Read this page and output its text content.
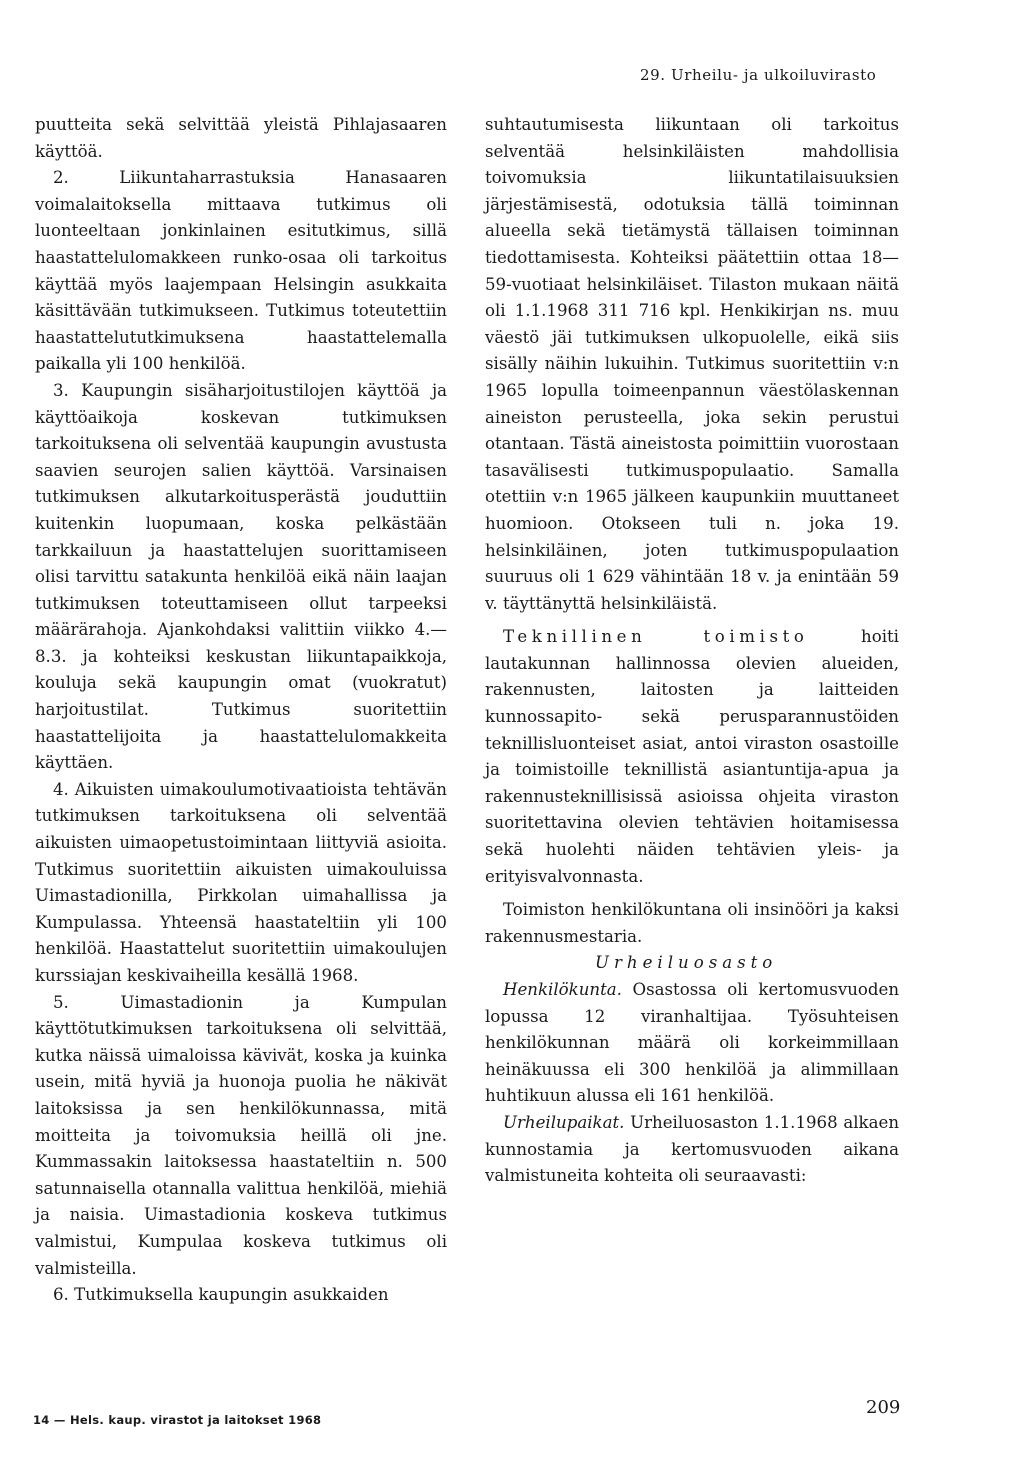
29. Urheilu- ja ulkoiluvirasto

puutteita sekä selvittää yleistä Pihlajasaaren käyttöä.

2. Liikuntaharrastuksia Hanasaaren voimalaitoksella mittaava tutkimus oli luonteeltaan jonkinlainen esitutkimus, sillä haastattelulomakkeen runko-osaa oli tarkoitus käyttää myös laajempaan Helsingin asukkaita käsittävään tutkimukseen. Tutkimus toteutettiin haastattelututkimuksena haastattelemalla paikalla yli 100 henkilöä.

3. Kaupungin sisäharjoitustilojen käyttöä ja käyttöaikoja koskevan tutkimuksen tarkoituksena oli selventää kaupungin avustusta saavien seurojen salien käyttöä. Varsinaisen tutkimuksen alkutarkoitusperästä jouduttiin kuitenkin luopumaan, koska pelkästään tarkkailuun ja haastattelujen suorittamiseen olisi tarvittu satakunta henkilöä eikä näin laajan tutkimuksen toteuttamiseen ollut tarpeeksi määrärahoja. Ajankohdaksi valittiin viikko 4.—8.3. ja kohteiksi keskustan liikuntapaikkoja, kouluja sekä kaupungin omat (vuokratut) harjoitustilat. Tutkimus suoritettiin haastattelijoita ja haastattelulomakkeita käyttäen.

4. Aikuisten uimakoulumotivaatioista tehtävän tutkimuksen tarkoituksena oli selventää aikuisten uimaopetustoimintaan liittyviä asioita. Tutkimus suoritettiin aikuisten uimakouluissa Uimastadionilla, Pirkkolan uimahallissa ja Kumpulassa. Yhteensä haastateltiin yli 100 henkilöä. Haastattelut suoritettiin uimakoulujen kurssiajan keskivaiheilla kesällä 1968.

5. Uimastadionin ja Kumpulan käyttötutkimuksen tarkoituksena oli selvittää, kutka näissä uimaloissa kävivät, koska ja kuinka usein, mitä hyviä ja huonoja puolia he näkivät laitoksissa ja sen henkilökunnassa, mitä moitteita ja toivomuksia heillä oli jne. Kummassakin laitoksessa haastateltiin n. 500 satunnaisella otannalla valittua henkilöä, miehiä ja naisia. Uimastadionia koskeva tutkimus valmistui, Kumpulaa koskeva tutkimus oli valmisteilla.

6. Tutkimuksella kaupungin asukkaiden

suhtautumisesta liikuntaan oli tarkoitus selventää helsinkiläisten mahdollisia toivomuksia liikuntatilaisuuksien järjestämisestä, odotuksia tällä toiminnan alueella sekä tietämystä tällaisen toiminnan tiedottamisesta. Kohteiksi päätettiin ottaa 18—59-vuotiaat helsinkiläiset. Tilaston mukaan näitä oli 1.1.1968 311 716 kpl. Henkikirjan ns. muu väestö jäi tutkimuksen ulkopuolelle, eikä siis sisälly näihin lukuihin. Tutkimus suoritettiin v:n 1965 lopulla toimeenpannun väestölaskennan aineiston perusteella, joka sekin perustui otantaan. Tästä aineistosta poimittiin vuorostaan tasavälisesti tutkimuspopulaatio. Samalla otettiin v:n 1965 jälkeen kaupunkiin muuttaneet huomioon. Otokseen tuli n. joka 19. helsinkiläinen, joten tutkimuspopulaation suuruus oli 1 629 vähintään 18 v. ja enintään 59 v. täyttänyttä helsinkiläistä.

Teknillinen toimisto hoiti lautakunnan hallinnossa olevien alueiden, rakennusten, laitosten ja laitteiden kunnossapito- sekä perusparannustöiden teknillisluonteiset asiat, antoi viraston osastoille ja toimistoille teknillistä asiantuntija-apua ja rakennusteknillisissä asioissa ohjeita viraston suoritettavina olevien tehtävien hoitamisessa sekä huolehti näiden tehtävien yleis- ja erityisvalvonnasta.

Toimiston henkilökuntana oli insinööri ja kaksi rakennusmestaria.

Urheiluosasto

Henkilökunta. Osastossa oli kertomusvuoden lopussa 12 viranhaltijaa. Työsuhteisen henkilökunnan määrä oli korkeimmillaan heinäkuussa eli 300 henkilöä ja alimmillaan huhtikuun alussa eli 161 henkilöä.

Urheilupaikat. Urheiluosaston 1.1.1968 alkaen kunnostamia ja kertomusvuoden aikana valmistuneita kohteita oli seuraavasti:

14 — Hels. kaup. virastot ja laitokset 1968
209
